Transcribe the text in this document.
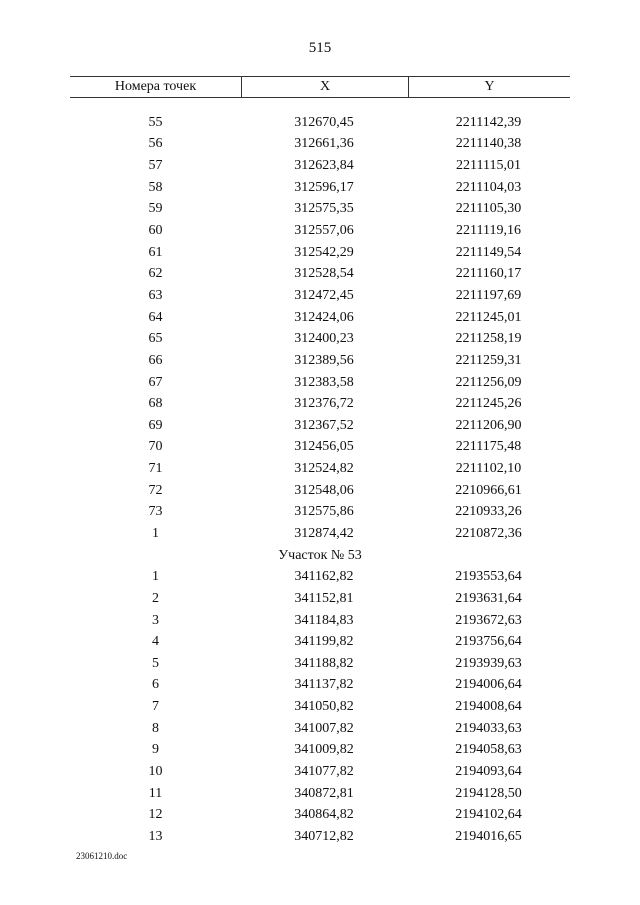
515
Номера точек	X	Y
55	312670,45	2211142,39
56	312661,36	2211140,38
57	312623,84	2211115,01
58	312596,17	2211104,03
59	312575,35	2211105,30
60	312557,06	2211119,16
61	312542,29	2211149,54
62	312528,54	2211160,17
63	312472,45	2211197,69
64	312424,06	2211245,01
65	312400,23	2211258,19
66	312389,56	2211259,31
67	312383,58	2211256,09
68	312376,72	2211245,26
69	312367,52	2211206,90
70	312456,05	2211175,48
71	312524,82	2211102,10
72	312548,06	2210966,61
73	312575,86	2210933,26
1	312874,42	2210872,36
Участок № 53
1	341162,82	2193553,64
2	341152,81	2193631,64
3	341184,83	2193672,63
4	341199,82	2193756,64
5	341188,82	2193939,63
6	341137,82	2194006,64
7	341050,82	2194008,64
8	341007,82	2194033,63
9	341009,82	2194058,63
10	341077,82	2194093,64
11	340872,81	2194128,50
12	340864,82	2194102,64
13	340712,82	2194016,65
23061210.doc
